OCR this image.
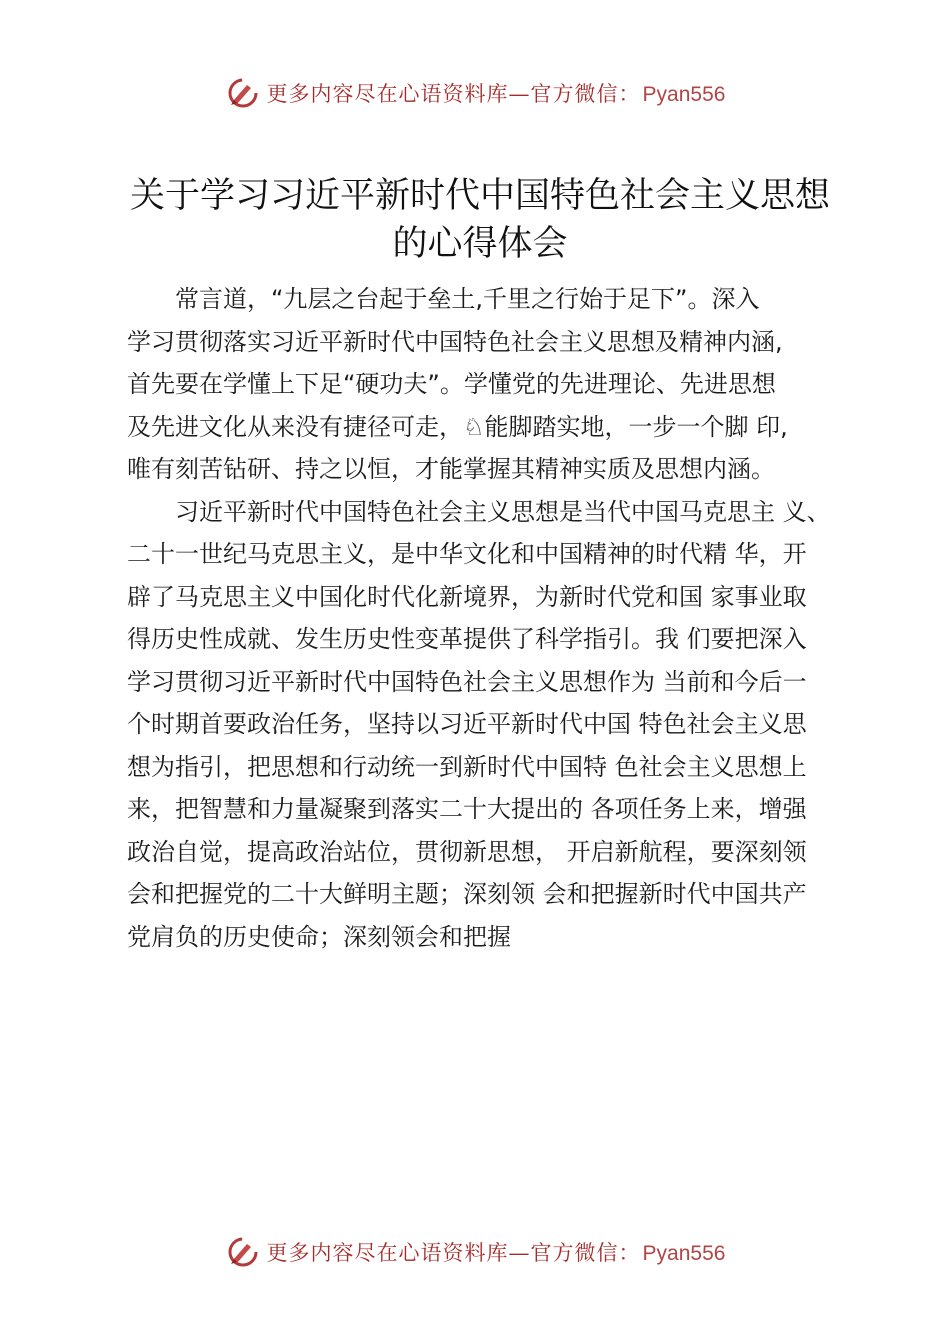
更多内容尽在心语资料库—官方微信：Pyan556
关于学习习近平新时代中国特色社会主义思想
的心得体会

　　常言道，“九层之台起于垒土,千里之行始于足下”。深入
学习贯彻落实习近平新时代中国特色社会主义思想及精神内涵,
首先要在学懂上下足“硬功夫”。学懂党的先进理论、先进思想
及先进文化从来没有捷径可走，♘能脚踏实地，一步一个脚 印,
唯有刻苦钻研、持之以恒，才能掌握其精神实质及思想内涵。

　　习近平新时代中国特色社会主义思想是当代中国马克思主 义、
二十一世纪马克思主义，是中华文化和中国精神的时代精 华，开
辟了马克思主义中国化时代化新境界，为新时代党和国 家事业取
得历史性成就、发生历史性变革提供了科学指引。我 们要把深入
学习贯彻习近平新时代中国特色社会主义思想作为 当前和今后一
个时期首要政治任务，坚持以习近平新时代中国 特色社会主义思
想为指引，把思想和行动统一到新时代中国特 色社会主义思想上
来，把智慧和力量凝聚到落实二十大提出的 各项任务上来，增强
政治自觉，提高政治站位，贯彻新思想， 开启新航程，要深刻领
会和把握党的二十大鲜明主题；深刻领 会和把握新时代中国共产
党肩负的历史使命；深刻领会和把握

更多内容尽在心语资料库—官方微信：Pyan556
